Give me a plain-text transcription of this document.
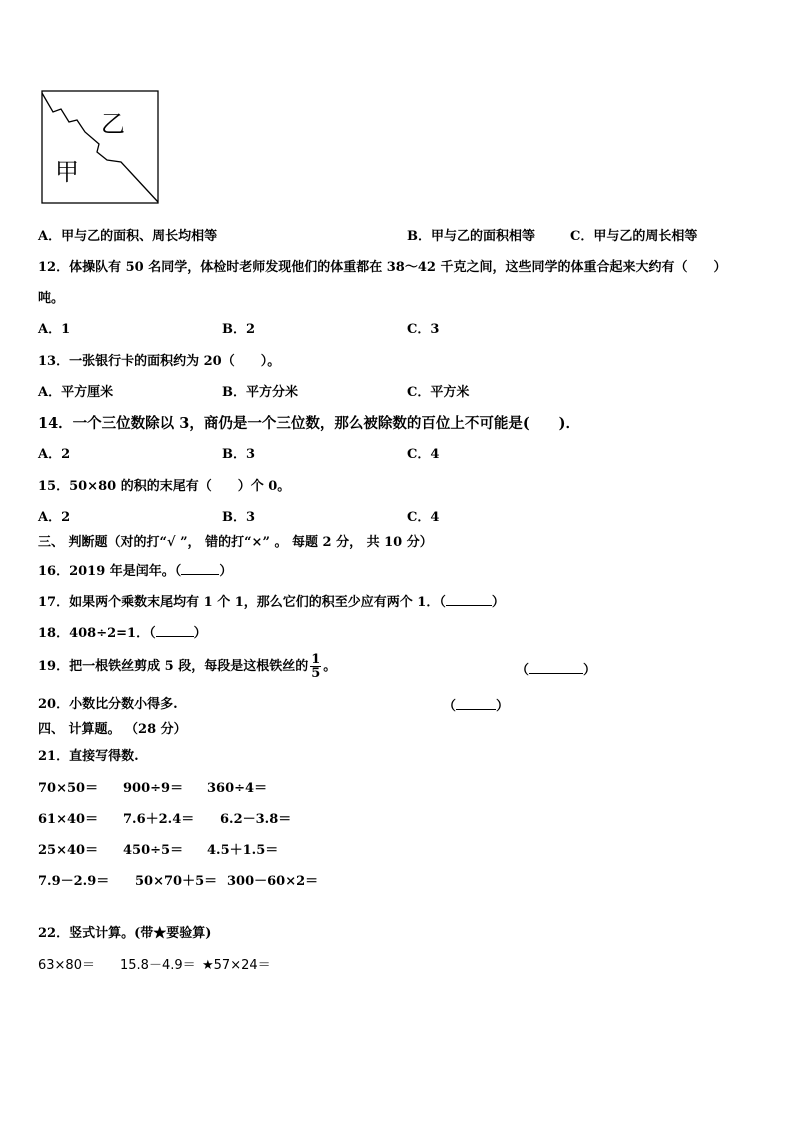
乙
甲
A．甲与乙的面积、周长均相等	B．甲与乙的面积相等	C．甲与乙的周长相等
12．体操队有 50 名同学，体检时老师发现他们的体重都在 38～42 千克之间，这些同学的体重合起来大约有（　　）
吨。
A．1	B．2	C．3
13．一张银行卡的面积约为 20（　　）。
A．平方厘米	B．平方分米	C．平方米
14．一个三位数除以 3，商仍是一个三位数，那么被除数的百位上不可能是(　　)．
A．2	B．3	C．4
15．50×80 的积的末尾有（　　）个 0。
A．2	B．3	C．4
三、 判断题（对的打“√ ”， 错的打“×” 。 每题 2 分， 共 10 分）
16．2019 年是闰年。（	）
17．如果两个乘数末尾均有 1 个 1，那么它们的积至少应有两个 1．（	）
18．408÷2=1．（	）
19．把一根铁丝剪成 5 段，每段是这根铁丝的 $\frac{1}{5}$ 。	（	）
20．小数比分数小得多.	（	）
四、 计算题。 （28 分）
21．直接写得数.
70×50＝ 900÷9＝ 360÷4＝
61×40＝ 7.6＋2.4＝ 6.2－3.8＝
25×40＝ 450÷5＝ 4.5＋1.5＝
7.9－2.9＝ 50×70＋5＝ 300－60×2＝
22．竖式计算。(带★要验算)
63×80＝ 15.8－4.9＝ ★57×24＝
